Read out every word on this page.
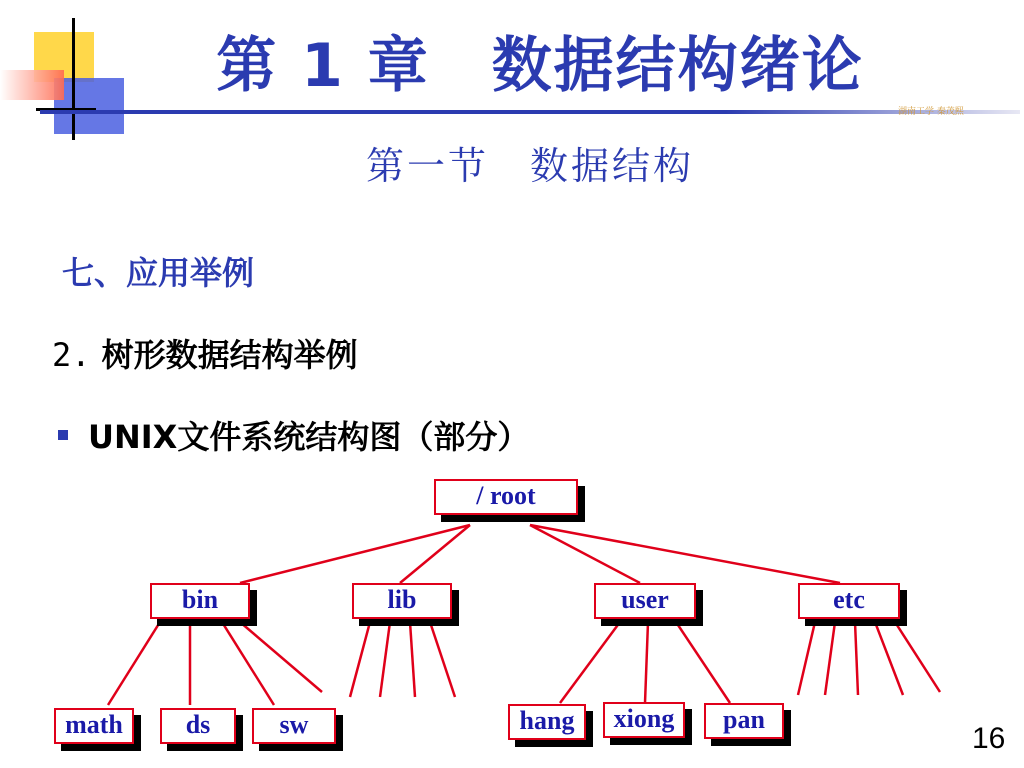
第 1 章　数据结构绪论
湖南工学 秦茂熙
第一节　数据结构
七、应用举例
2. 树形数据结构举例
UNIX文件系统结构图（部分）
/ root
bin	lib	user	etc
math	ds	sw	hang	xiong	pan
16
